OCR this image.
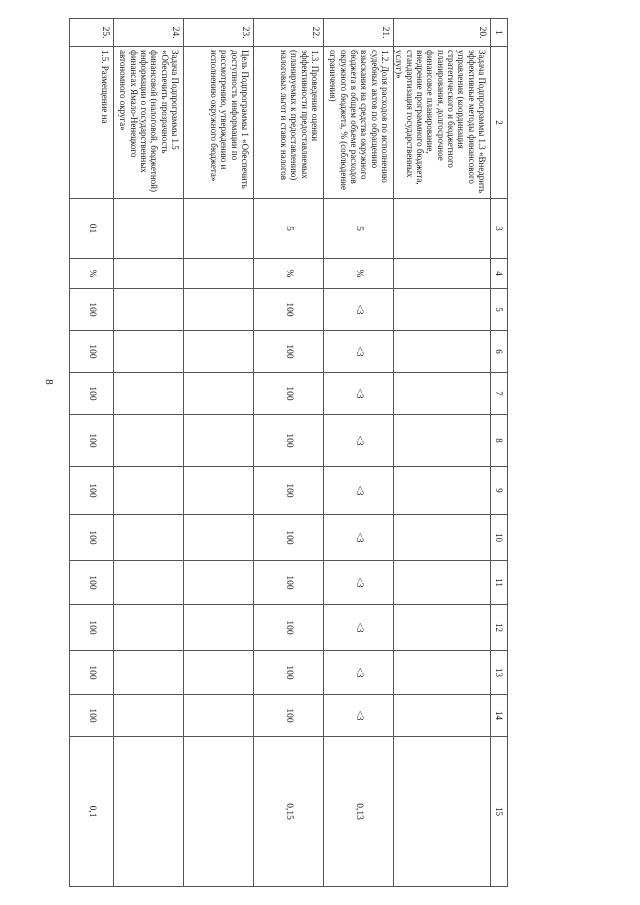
8
1	2	3	4	5	6	7	8	9	10	11	12	13	14	15
20.	Задача Подпрограммы 1.3 «Внедрить эффективные методы финансового управления (координация стратегического и бюджетного планирования, долгосрочное финансовое планирование, внедрение программного бюджета, стандартизация государственных услуг)»													
21.	1.2. Доля расходов по исполнению судебных актов по обращению взыскания на средства окружного бюджета в общем объеме расходов окружного бюджета, % (соблюдение ограничения)	5	%	<3	<3	<3	<3	<3	<3	<3	<3	<3	<3	0,13
22.	1.3. Проведение оценки эффективности предоставляемых (планируемых к предоставлению) налоговых льгот и ставок налогов	5	%	100	100	100	100	100	100	100	100	100	100	0,15
23.	Цель Подпрограммы 1 «Обеспечить доступность информации по рассмотрению, утверждению и исполнению окружного бюджета»													
24.	Задача Подпрограммы 1.5 «Обеспечить прозрачность финансовой (налоговой, бюджетной) информации о государственных финансах Ямало-Ненецкого автономного округа»													
25.	1.5. Размещение на	01	%	100	100	100	100	100	100	100	100	100	100	0,1
